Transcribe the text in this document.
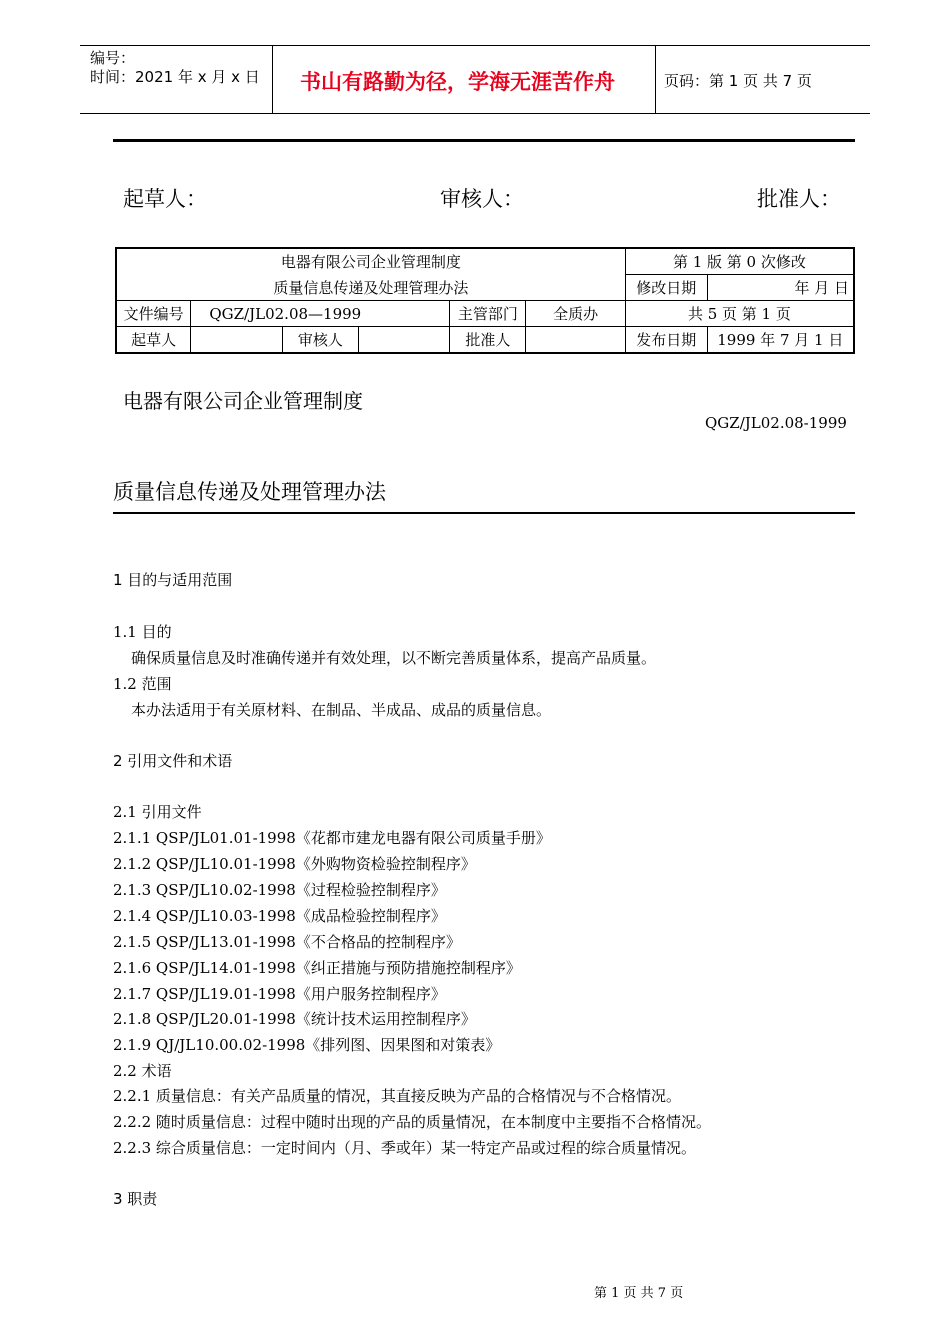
编号：
时间：2021 年 x 月 x 日 书山有路勤为径，学海无涯苦作舟	页码：第 1 页 共 7 页
起草人：	审核人：	批准人：
电器有限公司企业管理制度						第 1 版 第 0 次修改	
质量信息传递及处理管理办法						修改日期	年 月 日
文件编号	QGZ/JL02.08—1999			主管部门	全质办	共 5 页 第 1 页	
起草人		审核人		批准人		发布日期	1999 年 7 月 1 日
电器有限公司企业管理制度
QGZ/JL02.08-1999
质量信息传递及处理管理办法
1 目的与适用范围
1.1 目的
确保质量信息及时准确传递并有效处理，以不断完善质量体系，提高产品质量。
1.2 范围
本办法适用于有关原材料、在制品、半成品、成品的质量信息。
2 引用文件和术语
2.1 引用文件
2.1.1 QSP/JL01.01-1998《花都市建龙电器有限公司质量手册》
2.1.2 QSP/JL10.01-1998《外购物资检验控制程序》
2.1.3 QSP/JL10.02-1998《过程检验控制程序》
2.1.4 QSP/JL10.03-1998《成品检验控制程序》
2.1.5 QSP/JL13.01-1998《不合格品的控制程序》
2.1.6 QSP/JL14.01-1998《纠正措施与预防措施控制程序》
2.1.7 QSP/JL19.01-1998《用户服务控制程序》
2.1.8 QSP/JL20.01-1998《统计技术运用控制程序》
2.1.9 QJ/JL10.00.02-1998《排列图、因果图和对策表》
2.2 术语
2.2.1 质量信息：有关产品质量的情况，其直接反映为产品的合格情况与不合格情况。
2.2.2 随时质量信息：过程中随时出现的产品的质量情况，在本制度中主要指不合格情况。
2.2.3 综合质量信息：一定时间内（月、季或年）某一特定产品或过程的综合质量情况。
3 职责
第 1 页 共 7 页
